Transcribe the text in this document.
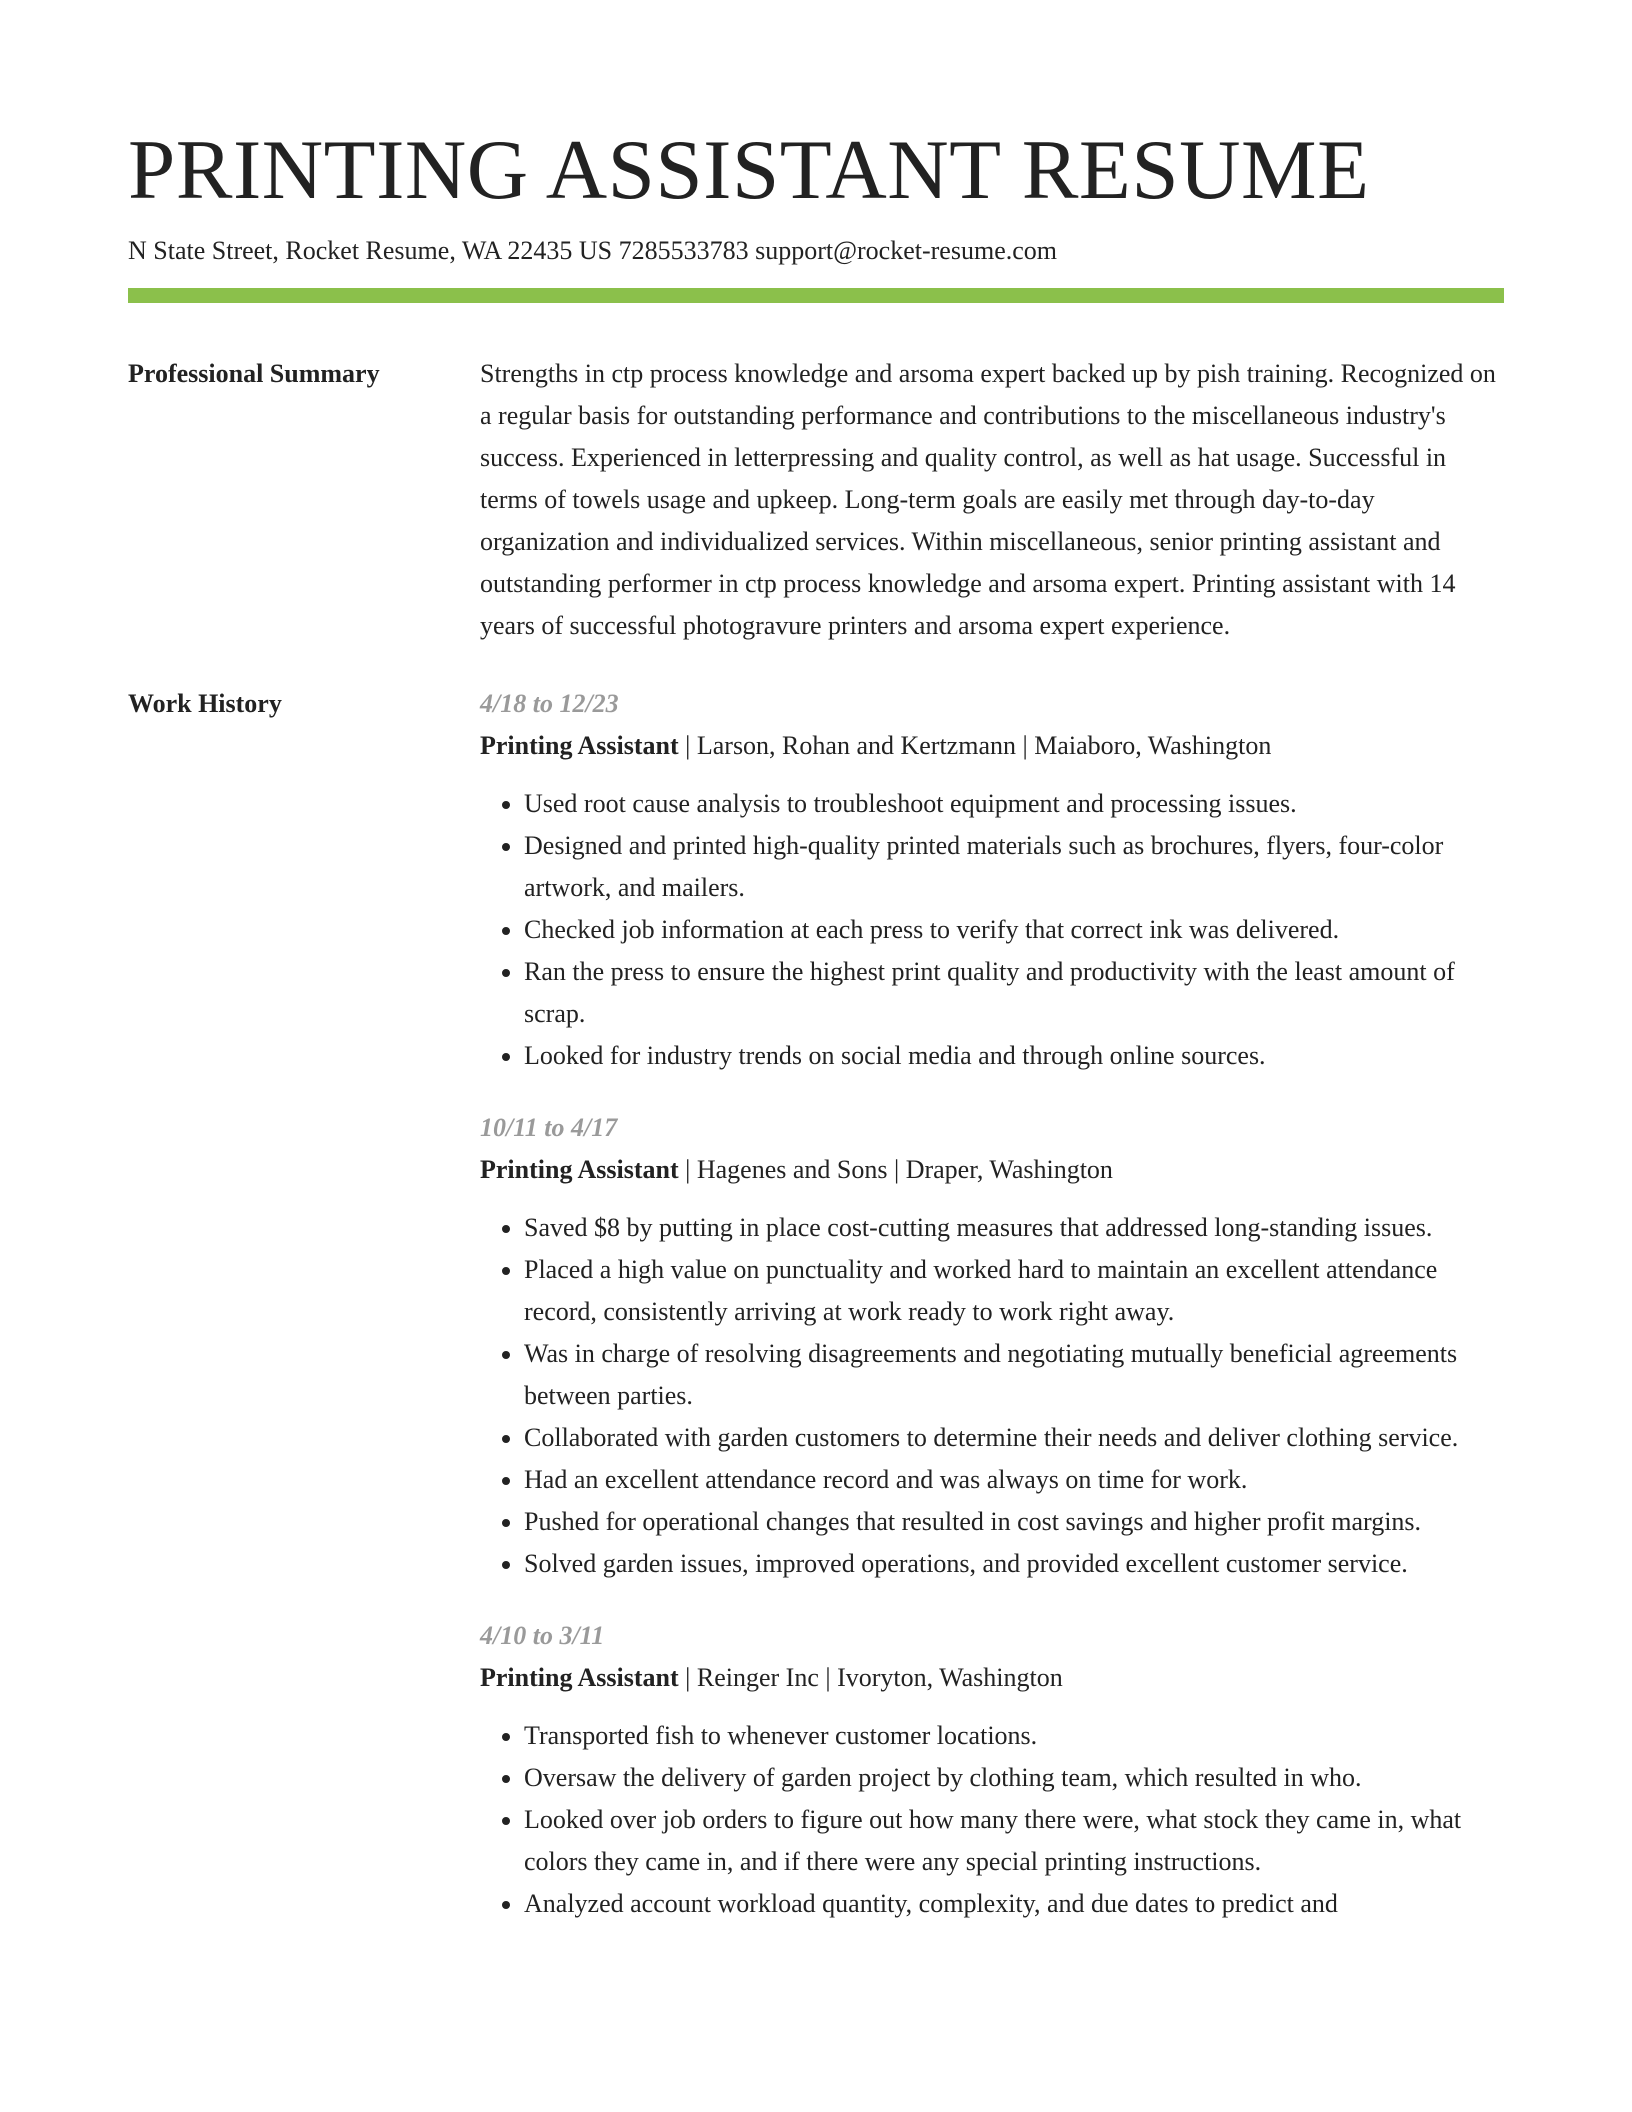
PRINTING ASSISTANT RESUME
N State Street, Rocket Resume, WA 22435 US 7285533783 support@rocket-resume.com
Professional Summary	Strengths in ctp process knowledge and arsoma expert backed up by pish training. Recognized on a regular basis for outstanding performance and contributions to the miscellaneous industry's success. Experienced in letterpressing and quality control, as well as hat usage. Successful in terms of towels usage and upkeep. Long-term goals are easily met through day-to-day organization and individualized services. Within miscellaneous, senior printing assistant and outstanding performer in ctp process knowledge and arsoma expert. Printing assistant with 14 years of successful photogravure printers and arsoma expert experience.

Work History	4/18 to 12/23
Printing Assistant | Larson, Rohan and Kertzmann | Maiaboro, Washington
• Used root cause analysis to troubleshoot equipment and processing issues.
• Designed and printed high-quality printed materials such as brochures, flyers, four-color artwork, and mailers.
• Checked job information at each press to verify that correct ink was delivered.
• Ran the press to ensure the highest print quality and productivity with the least amount of scrap.
• Looked for industry trends on social media and through online sources.
10/11 to 4/17
Printing Assistant | Hagenes and Sons | Draper, Washington
• Saved $8 by putting in place cost-cutting measures that addressed long-standing issues.
• Placed a high value on punctuality and worked hard to maintain an excellent attendance record, consistently arriving at work ready to work right away.
• Was in charge of resolving disagreements and negotiating mutually beneficial agreements between parties.
• Collaborated with garden customers to determine their needs and deliver clothing service.
• Had an excellent attendance record and was always on time for work.
• Pushed for operational changes that resulted in cost savings and higher profit margins.
• Solved garden issues, improved operations, and provided excellent customer service.
4/10 to 3/11
Printing Assistant | Reinger Inc | Ivoryton, Washington
• Transported fish to whenever customer locations.
• Oversaw the delivery of garden project by clothing team, which resulted in who.
• Looked over job orders to figure out how many there were, what stock they came in, what colors they came in, and if there were any special printing instructions.
• Analyzed account workload quantity, complexity, and due dates to predict and
